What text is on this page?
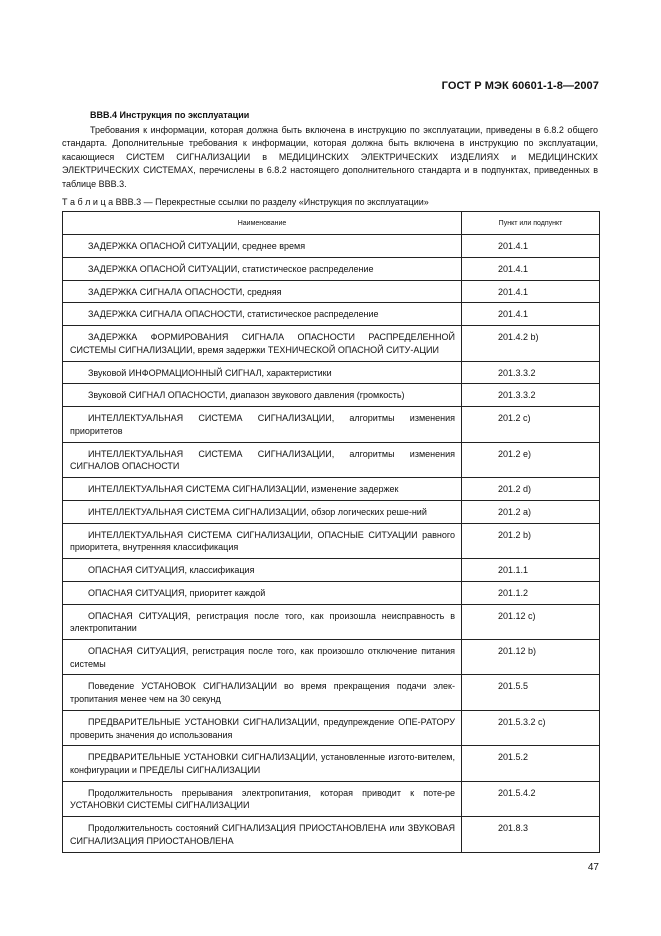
ГОСТ Р МЭК 60601-1-8—2007
ВВВ.4 Инструкция по эксплуатации
Требования к информации, которая должна быть включена в инструкцию по эксплуатации, приведены в 6.8.2 общего стандарта. Дополнительные требования к информации, которая должна быть включена в инструкцию по эксплуатации, касающиеся СИСТЕМ СИГНАЛИЗАЦИИ в МЕДИЦИНСКИХ ЭЛЕКТРИЧЕСКИХ ИЗДЕЛИЯХ и МЕДИЦИНСКИХ ЭЛЕКТРИЧЕСКИХ СИСТЕМАХ, перечислены в 6.8.2 настоящего дополнительного стандарта и в подпунктах, приведенных в таблице ВВВ.3.
Т а б л и ц а ВВВ.3 — Перекрестные ссылки по разделу «Инструкция по эксплуатации»
Наименование	Пункт или подпункт

ЗАДЕРЖКА ОПАСНОЙ СИТУАЦИИ, среднее время	201.4.1

ЗАДЕРЖКА ОПАСНОЙ СИТУАЦИИ, статистическое распределение	201.4.1

ЗАДЕРЖКА СИГНАЛА ОПАСНОСТИ, средняя	201.4.1

ЗАДЕРЖКА СИГНАЛА ОПАСНОСТИ, статистическое распределение	201.4.1

ЗАДЕРЖКА ФОРМИРОВАНИЯ СИГНАЛА ОПАСНОСТИ РАСПРЕДЕЛЕННОЙ СИСТЕМЫ СИГНАЛИЗАЦИИ, время задержки ТЕХНИЧЕСКОЙ ОПАСНОЙ СИТУ-АЦИИ	201.4.2 b)

Звуковой ИНФОРМАЦИОННЫЙ СИГНАЛ, характеристики	201.3.3.2

Звуковой СИГНАЛ ОПАСНОСТИ, диапазон звукового давления (громкость)	201.3.3.2

ИНТЕЛЛЕКТУАЛЬНАЯ СИСТЕМА СИГНАЛИЗАЦИИ, алгоритмы изменения приоритетов	201.2 c)

ИНТЕЛЛЕКТУАЛЬНАЯ СИСТЕМА СИГНАЛИЗАЦИИ, алгоритмы изменения СИГНАЛОВ ОПАСНОСТИ	201.2 e)

ИНТЕЛЛЕКТУАЛЬНАЯ СИСТЕМА СИГНАЛИЗАЦИИ, изменение задержек	201.2 d)

ИНТЕЛЛЕКТУАЛЬНАЯ СИСТЕМА СИГНАЛИЗАЦИИ, обзор логических реше-ний	201.2 a)

ИНТЕЛЛЕКТУАЛЬНАЯ СИСТЕМА СИГНАЛИЗАЦИИ, ОПАСНЫЕ СИТУАЦИИ равного приоритета, внутренняя классификация	201.2 b)

ОПАСНАЯ СИТУАЦИЯ, классификация	201.1.1

ОПАСНАЯ СИТУАЦИЯ, приоритет каждой	201.1.2

ОПАСНАЯ СИТУАЦИЯ, регистрация после того, как произошла неисправность в электропитании	201.12 c)

ОПАСНАЯ СИТУАЦИЯ, регистрация после того, как произошло отключение питания системы	201.12 b)

Поведение УСТАНОВОК СИГНАЛИЗАЦИИ во время прекращения подачи элек-тропитания менее чем на 30 секунд	201.5.5

ПРЕДВАРИТЕЛЬНЫЕ УСТАНОВКИ СИГНАЛИЗАЦИИ, предупреждение ОПЕ-РАТОРУ проверить значения до использования	201.5.3.2 c)

ПРЕДВАРИТЕЛЬНЫЕ УСТАНОВКИ СИГНАЛИЗАЦИИ, установленные изгото-вителем, конфигурации и ПРЕДЕЛЫ СИГНАЛИЗАЦИИ	201.5.2

Продолжительность прерывания электропитания, которая приводит к поте-ре УСТАНОВКИ СИСТЕМЫ СИГНАЛИЗАЦИИ	201.5.4.2

Продолжительность состояний СИГНАЛИЗАЦИЯ ПРИОСТАНОВЛЕНА или ЗВУКОВАЯ СИГНАЛИЗАЦИЯ ПРИОСТАНОВЛЕНА	201.8.3
47
